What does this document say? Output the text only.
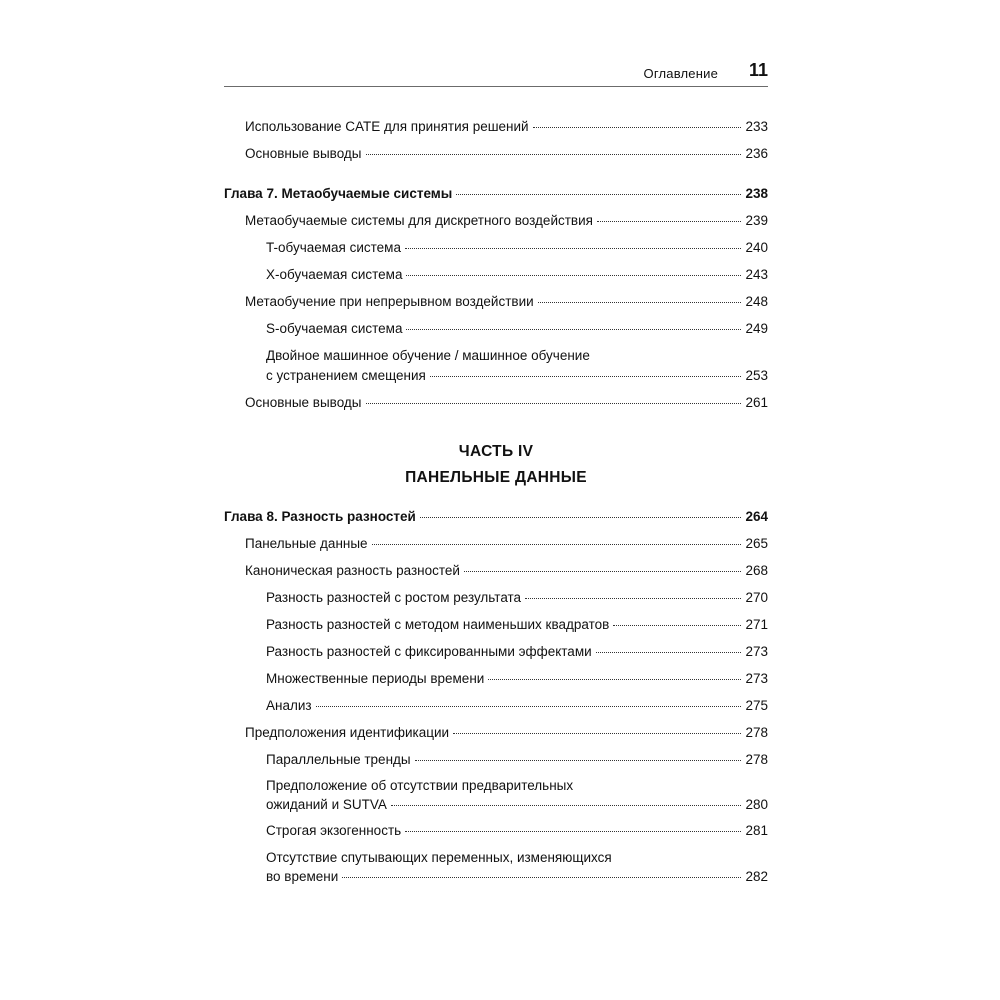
Оглавление	11
Использование CATE для принятия решений	233
Основные выводы	236
Глава 7. Метаобучаемые системы	238
Метаобучаемые системы для дискретного воздействия	239
T-обучаемая система	240
X-обучаемая система	243
Метаобучение при непрерывном воздействии	248
S-обучаемая система	249
Двойное машинное обучение / машинное обучение
с устранением смещения	253
Основные выводы	261
ЧАСТЬ IV
ПАНЕЛЬНЫЕ ДАННЫЕ
Глава 8. Разность разностей	264
Панельные данные	265
Каноническая разность разностей	268
Разность разностей с ростом результата	270
Разность разностей с методом наименьших квадратов	271
Разность разностей с фиксированными эффектами	273
Множественные периоды времени	273
Анализ	275
Предположения идентификации	278
Параллельные тренды	278
Предположение об отсутствии предварительных
ожиданий и SUTVA	280
Строгая экзогенность	281
Отсутствие спутывающих переменных, изменяющихся
во времени	282
